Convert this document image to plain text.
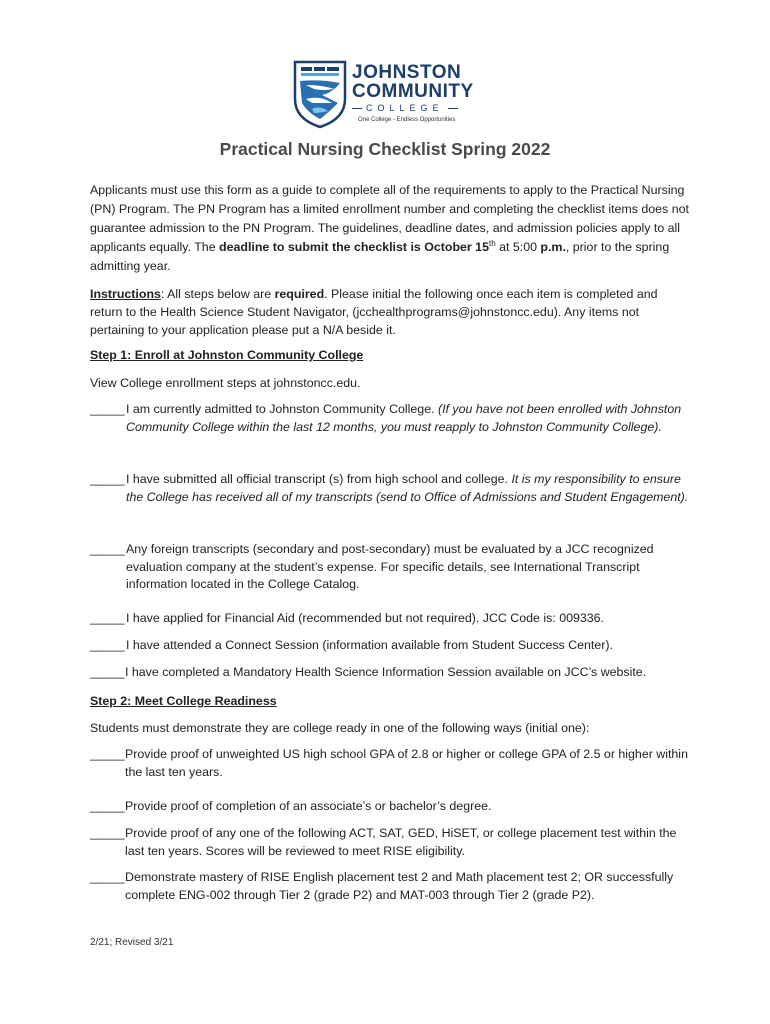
JOHNSTON
COMMUNITY
COLLEGE
One College - Endless Opportunities
Practical Nursing Checklist Spring 2022

Applicants must use this form as a guide to complete all of the requirements to apply to the Practical Nursing (PN) Program. The PN Program has a limited enrollment number and completing the checklist items does not guarantee admission to the PN Program. The guidelines, deadline dates, and admission policies apply to all applicants equally. The deadline to submit the checklist is October 15th at 5:00 p.m., prior to the spring admitting year.

Instructions: All steps below are required. Please initial the following once each item is completed and return to the Health Science Student Navigator, (jcchealthprograms@johnstoncc.edu). Any items not pertaining to your application please put a N/A beside it.

Step 1: Enroll at Johnston Community College

View College enrollment steps at johnstoncc.edu.

_____ I am currently admitted to Johnston Community College. (If you have not been enrolled with Johnston Community College within the last 12 months, you must reapply to Johnston Community College).
_____ I have submitted all official transcript (s) from high school and college. It is my responsibility to ensure the College has received all of my transcripts (send to Office of Admissions and Student Engagement).
_____ Any foreign transcripts (secondary and post-secondary) must be evaluated by a JCC recognized evaluation company at the student’s expense. For specific details, see International Transcript information located in the College Catalog.
_____ I have applied for Financial Aid (recommended but not required). JCC Code is: 009336.
_____ I have attended a Connect Session (information available from Student Success Center).
_____ I have completed a Mandatory Health Science Information Session available on JCC’s website.

Step 2: Meet College Readiness

Students must demonstrate they are college ready in one of the following ways (initial one):

_____ Provide proof of unweighted US high school GPA of 2.8 or higher or college GPA of 2.5 or higher within the last ten years.
_____ Provide proof of completion of an associate’s or bachelor’s degree.
_____ Provide proof of any one of the following ACT, SAT, GED, HiSET, or college placement test within the last ten years. Scores will be reviewed to meet RISE eligibility.
_____ Demonstrate mastery of RISE English placement test 2 and Math placement test 2; OR successfully complete ENG-002 through Tier 2 (grade P2) and MAT-003 through Tier 2 (grade P2).
2/21; Revised 3/21
